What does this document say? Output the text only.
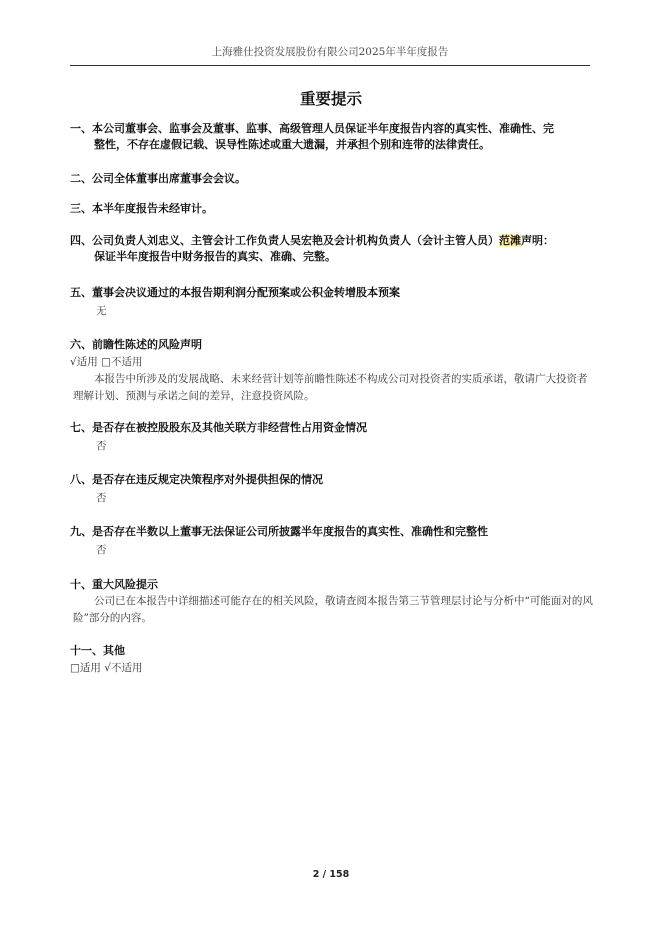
上海雅仕投资发展股份有限公司2025年半年度报告
重要提示
一、本公司董事会、监事会及董事、监事、高级管理人员保证半年度报告内容的真实性、准确性、完
整性，不存在虚假记载、误导性陈述或重大遗漏，并承担个别和连带的法律责任。
二、公司全体董事出席董事会会议。
三、本半年度报告未经审计。
四、公司负责人刘忠义、主管会计工作负责人吴宏艳及会计机构负责人（会计主管人员）范滩声明：
保证半年度报告中财务报告的真实、准确、完整。
五、董事会决议通过的本报告期利润分配预案或公积金转增股本预案
无
六、前瞻性陈述的风险声明
√适用 □不适用
本报告中所涉及的发展战略、未来经营计划等前瞻性陈述不构成公司对投资者的实质承诺，敬请广大投资者理解计划、预测与承诺之间的差异，注意投资风险。
七、是否存在被控股股东及其他关联方非经营性占用资金情况
否
八、是否存在违反规定决策程序对外提供担保的情况
否
九、是否存在半数以上董事无法保证公司所披露半年度报告的真实性、准确性和完整性
否
十、重大风险提示
公司已在本报告中详细描述可能存在的相关风险，敬请查阅本报告第三节管理层讨论与分析中“可能面对的风险”部分的内容。
十一、其他
□适用 √不适用
2 / 158
